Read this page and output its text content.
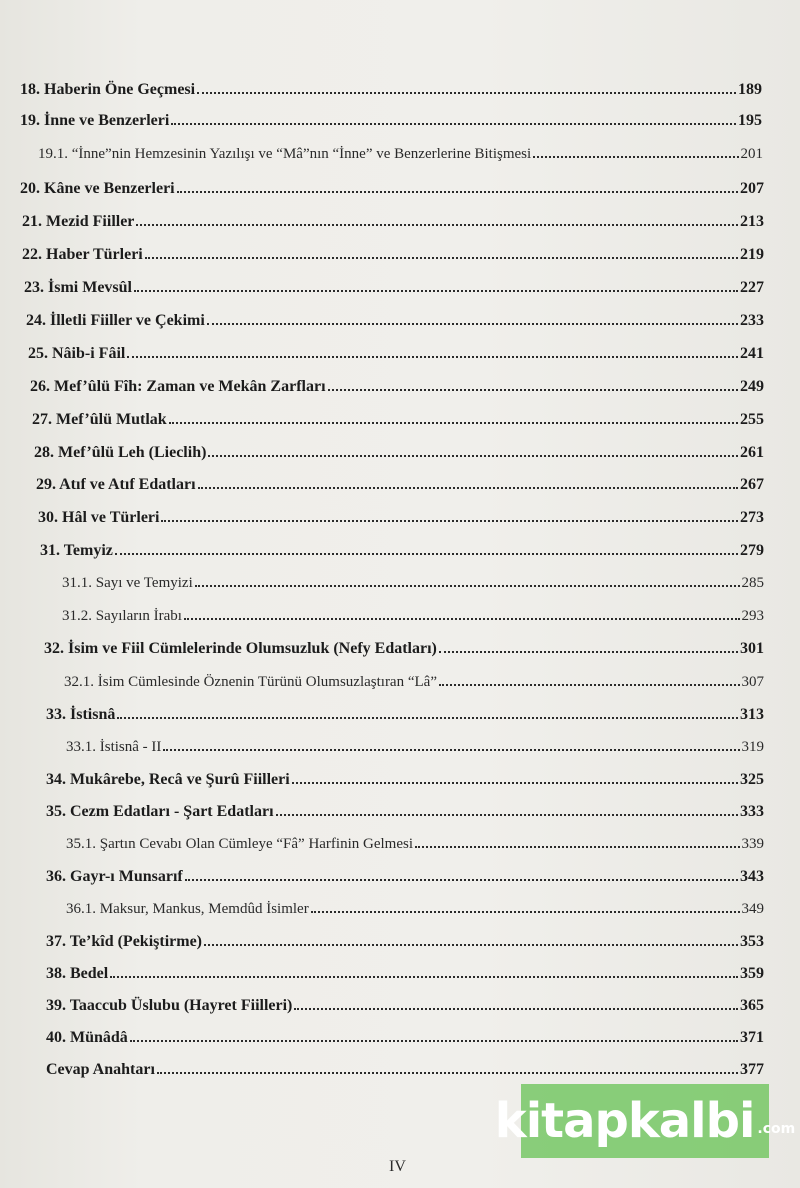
18. Haberin Öne Geçmesi	189
19. İnne ve Benzerleri	195
19.1. “İnne”nin Hemzesinin Yazılışı ve “Mâ”nın “İnne” ve Benzerlerine Bitişmesi	201
20. Kâne ve Benzerleri	207
21. Mezid Fiiller	213
22. Haber Türleri	219
23. İsmi Mevsûl	227
24. İlletli Fiiller ve Çekimi	233
25. Nâib-i Fâil	241
26. Mef’ûlü Fîh: Zaman ve Mekân Zarfları	249
27. Mef’ûlü Mutlak	255
28. Mef’ûlü Leh (Lieclih)	261
29. Atıf ve Atıf Edatları	267
30. Hâl ve Türleri	273
31. Temyiz	279
31.1. Sayı ve Temyizi	285
31.2. Sayıların İrabı	293
32. İsim ve Fiil Cümlelerinde Olumsuzluk (Nefy Edatları)	301
32.1. İsim Cümlesinde Öznenin Türünü Olumsuzlaştıran “Lâ”	307
33. İstisnâ	313
33.1. İstisnâ - II	319
34. Mukârebe, Recâ ve Şurû Fiilleri	325
35. Cezm Edatları - Şart Edatları	333
35.1. Şartın Cevabı Olan Cümleye “Fâ” Harfinin Gelmesi	339
36. Gayr-ı Munsarıf	343
36.1. Maksur, Mankus, Memdûd İsimler	349
37. Te’kîd (Pekiştirme)	353
38. Bedel	359
39. Taaccub Üslubu (Hayret Fiilleri)	365
40. Münâdâ	371
Cevap Anahtarı	377
kitapkalbi .com
IV
